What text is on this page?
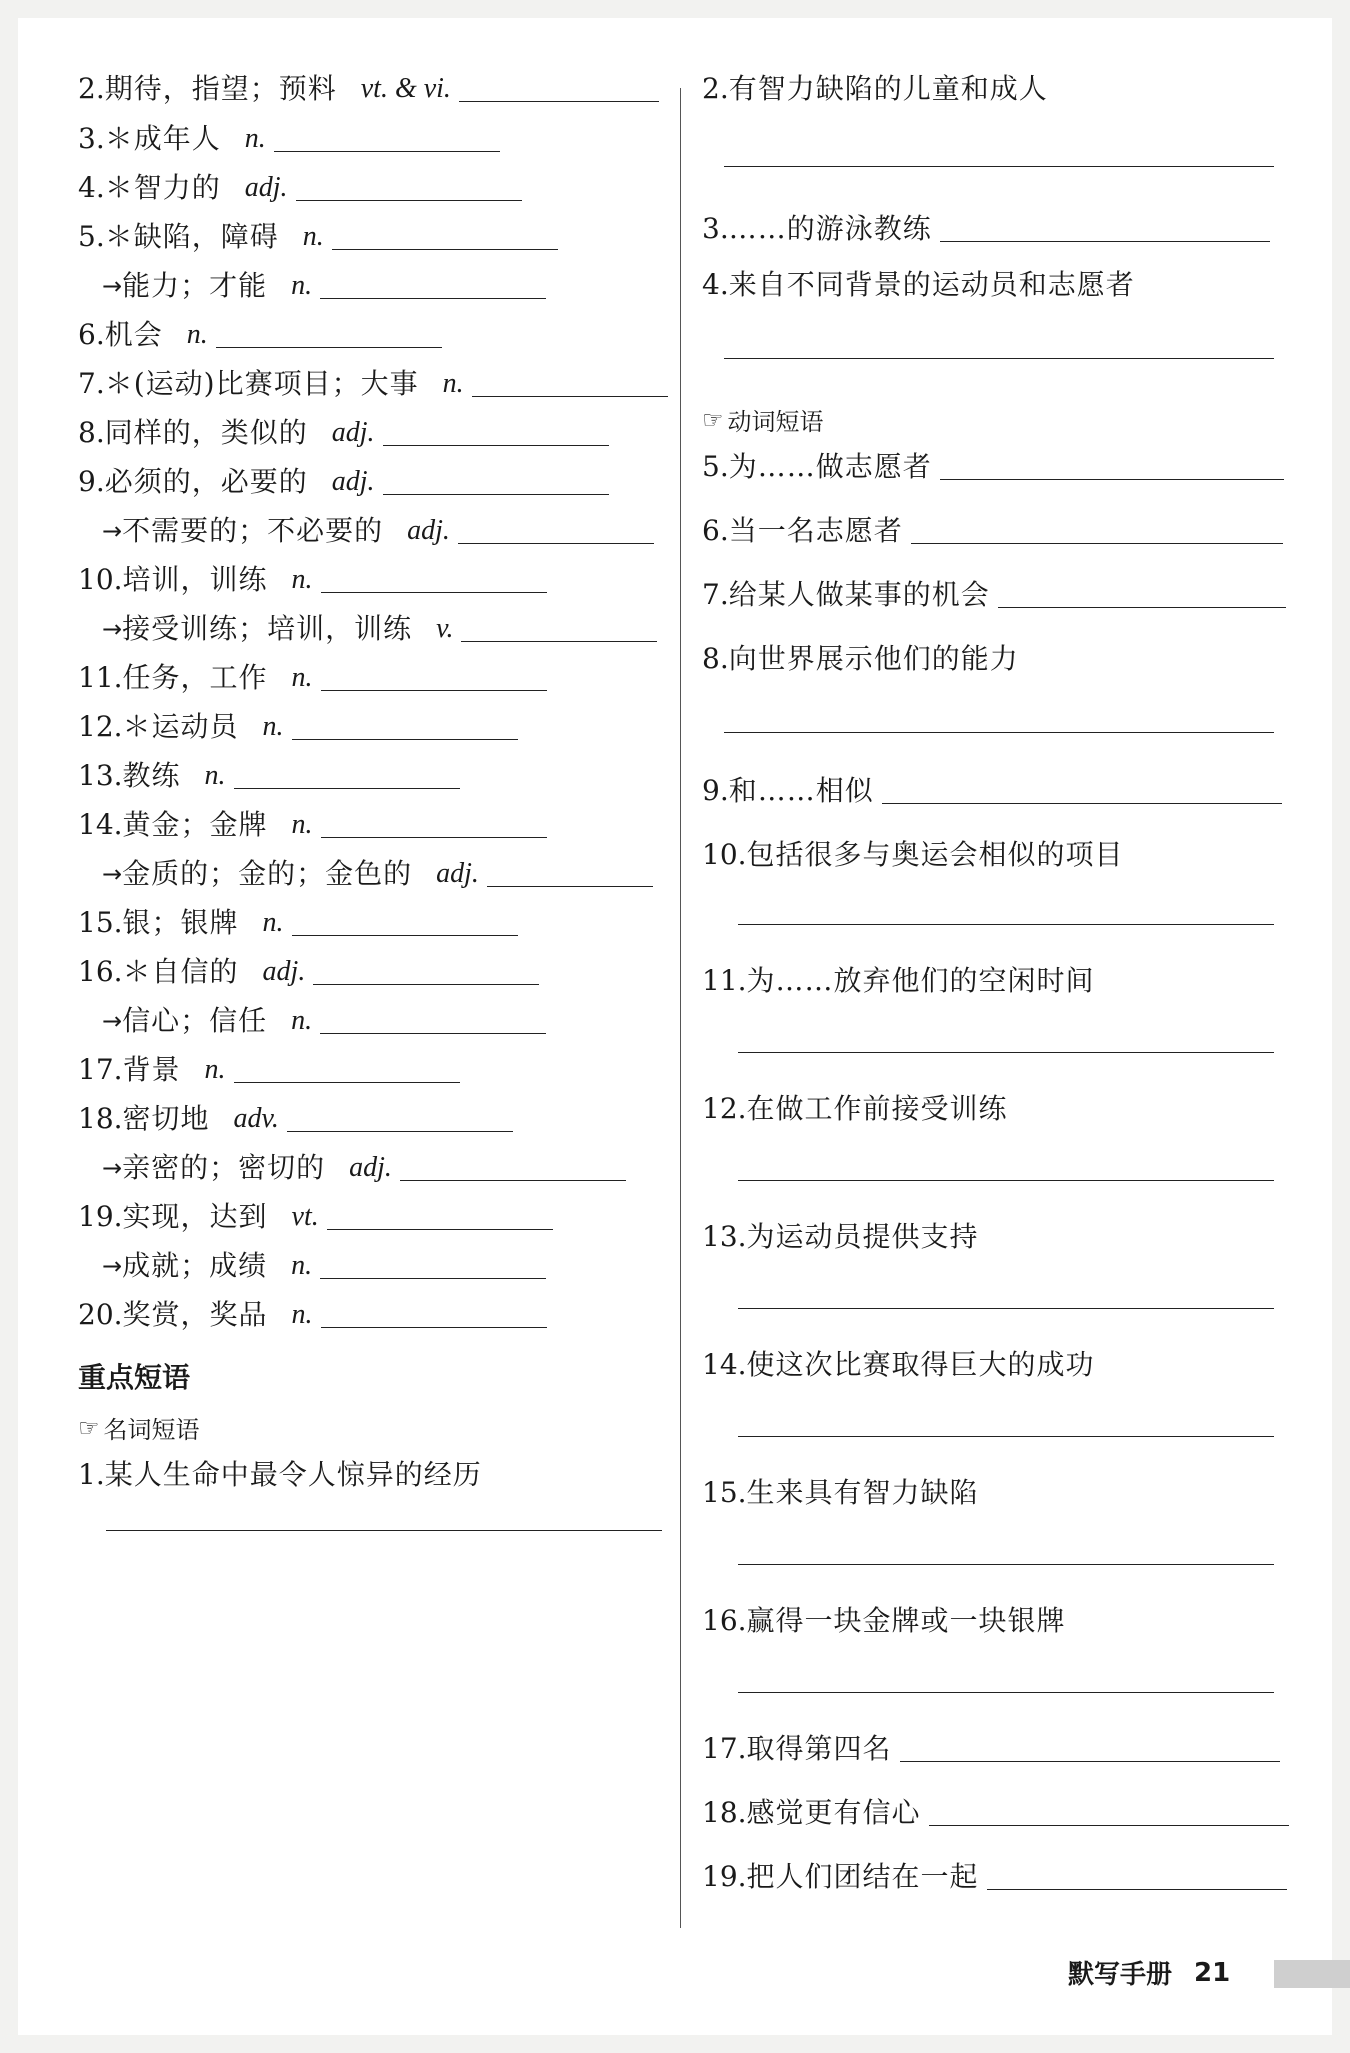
2. 期待，指望；预料 vt. & vi.
3. ＊成年人 n.
4. ＊智力的 adj.
5. ＊缺陷，障碍 n.
→ 能力；才能 n.
6. 机会 n.
7. ＊(运动)比赛项目；大事 n.
8. 同样的，类似的 adj.
9. 必须的，必要的 adj.
→ 不需要的；不必要的 adj.
10. 培训，训练 n.
→ 接受训练；培训，训练 v.
11. 任务，工作 n.
12. ＊运动员 n.
13. 教练 n.
14. 黄金；金牌 n.
→ 金质的；金的；金色的 adj.
15. 银；银牌 n.
16. ＊自信的 adj.
→ 信心；信任 n.
17. 背景 n.
18. 密切地 adv.
→ 亲密的；密切的 adj.
19. 实现，达到 vt.
→ 成就；成绩 n.
20. 奖赏，奖品 n.
重点短语
☞ 名词短语
1. 某人生命中最令人惊异的经历
2. 有智力缺陷的儿童和成人
3. ……的游泳教练
4. 来自不同背景的运动员和志愿者
☞ 动词短语
5. 为……做志愿者
6. 当一名志愿者
7. 给某人做某事的机会
8. 向世界展示他们的能力
9. 和……相似
10. 包括很多与奥运会相似的项目
11. 为……放弃他们的空闲时间
12. 在做工作前接受训练
13. 为运动员提供支持
14. 使这次比赛取得巨大的成功
15. 生来具有智力缺陷
16. 赢得一块金牌或一块银牌
17. 取得第四名
18. 感觉更有信心
19. 把人们团结在一起
默写手册 21
